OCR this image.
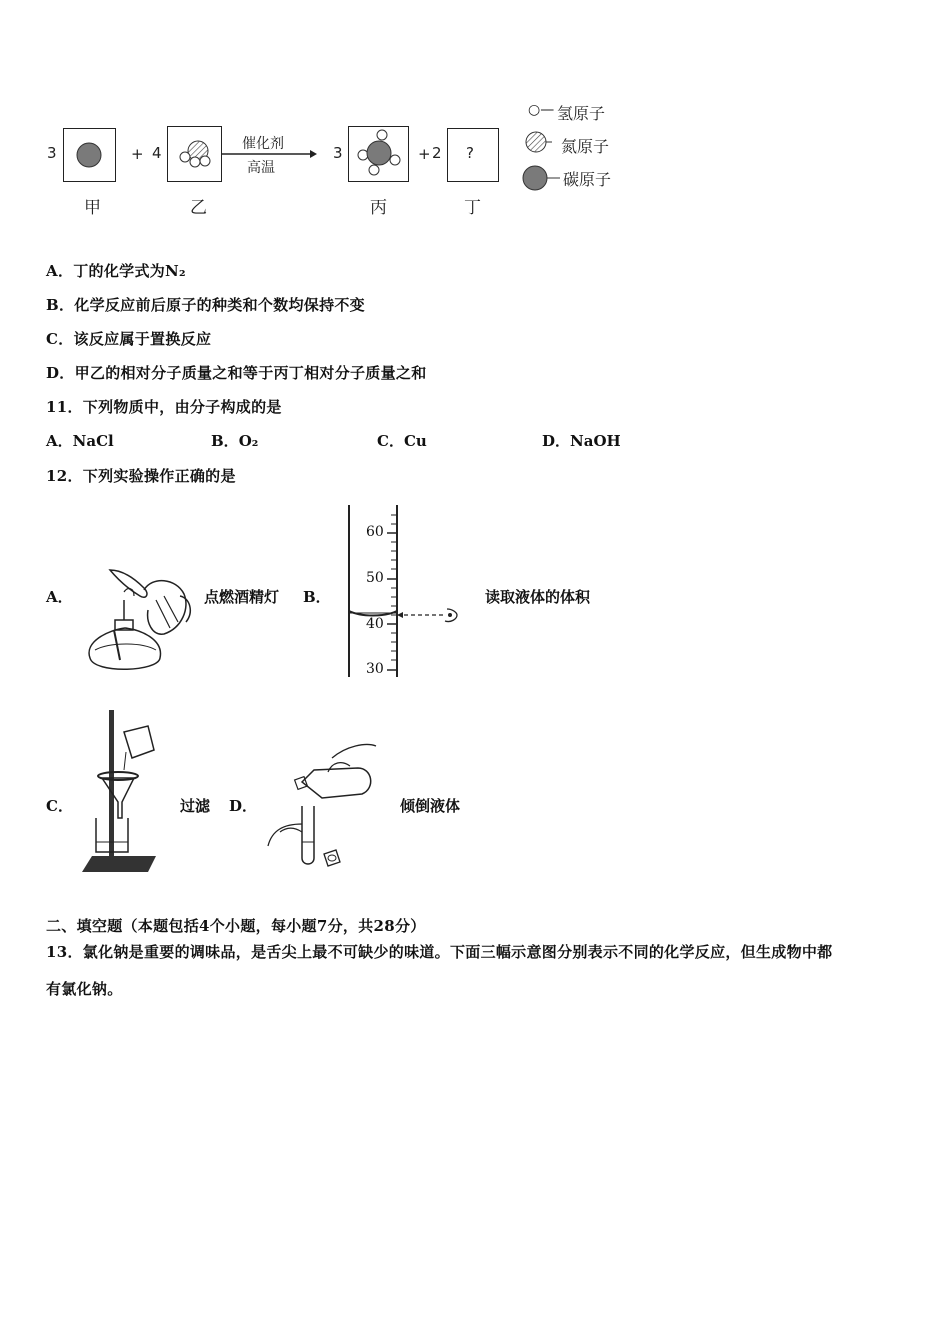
3	+ 4	催化剂
高温
3	+ 2 ?
甲	乙	丙	丁
○— 氢原子
氮原子
碳原子
A．丁的化学式为N₂
B．化学反应前后原子的种类和个数均保持不变
C．该反应属于置换反应
D．甲乙的相对分子质量之和等于丙丁相对分子质量之和
11．下列物质中，由分子构成的是
A．NaCl	B．O₂	C．Cu	D．NaOH
12．下列实验操作正确的是
A．	点燃酒精灯 B．
60
50
40
30
读取液体的体积
C．	过滤 D．	倾倒液体
二、填空题（本题包括4个小题，每小题7分，共28分）
13．氯化钠是重要的调味品，是舌尖上最不可缺少的味道。下面三幅示意图分别表示不同的化学反应，但生成物中都
有氯化钠。
